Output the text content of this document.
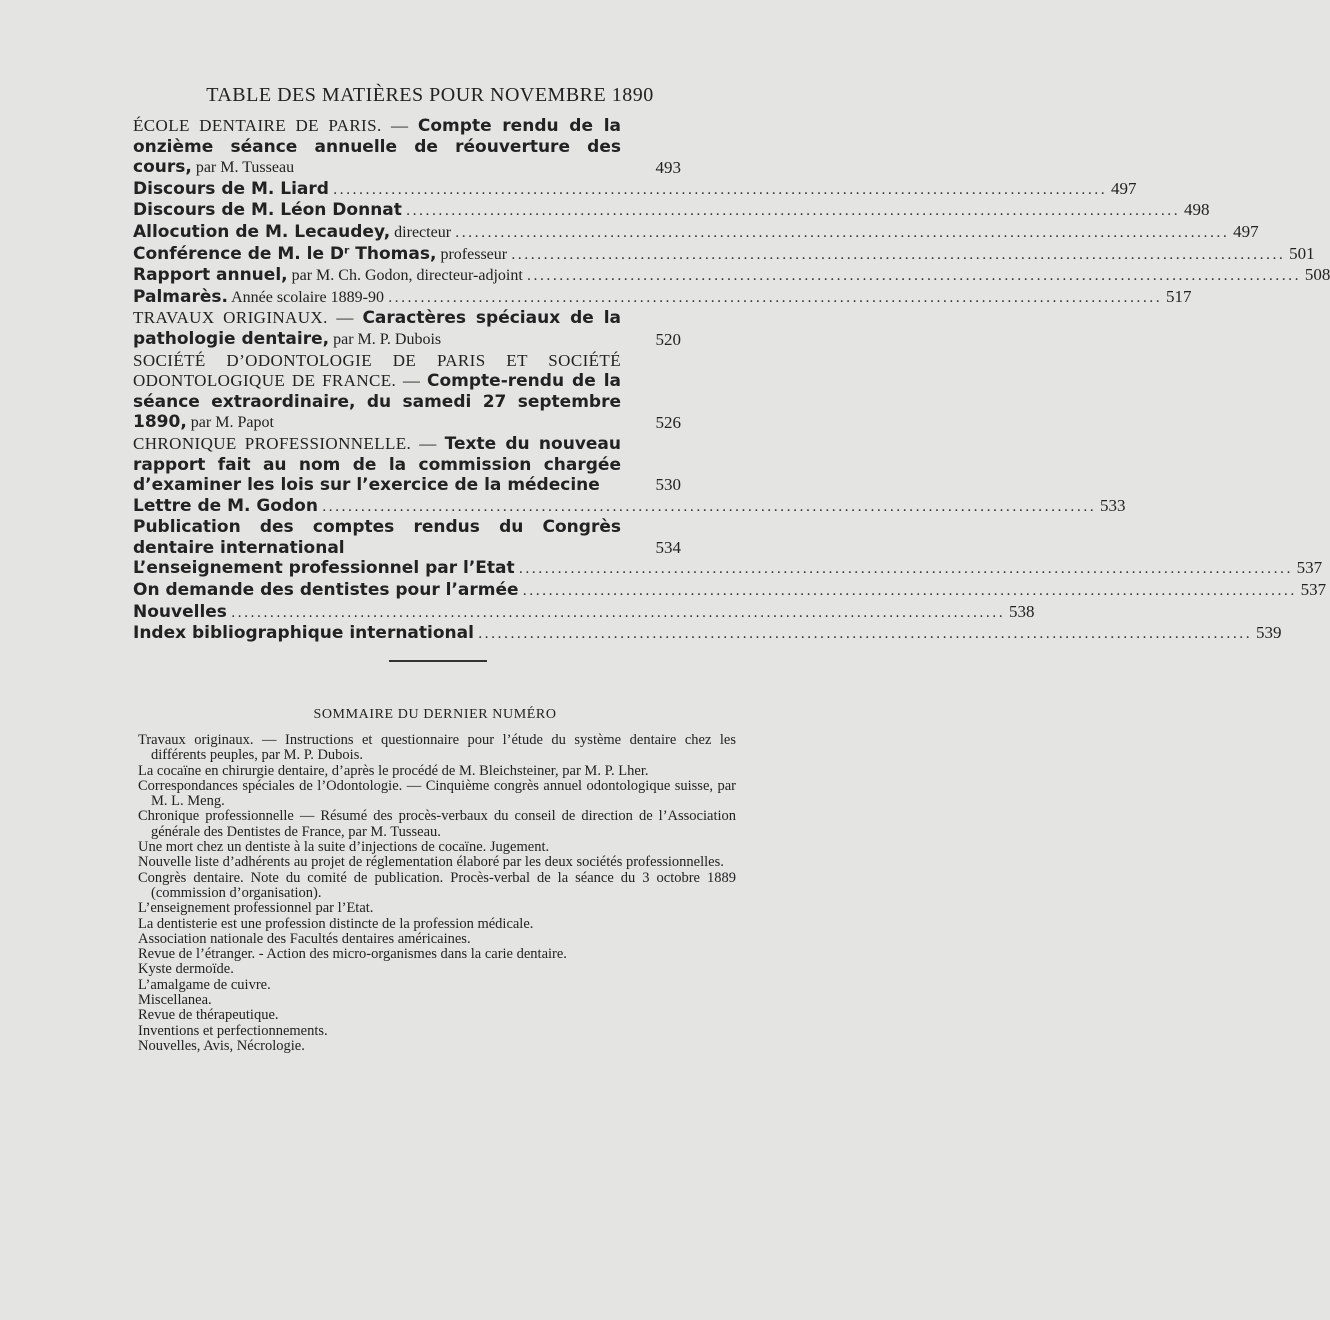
TABLE DES MATIÈRES POUR NOVEMBRE 1890
ÉCOLE DENTAIRE DE PARIS. — Compte rendu de la onzième séance annuelle de réouverture des cours, par M. Tusseau	493
Discours de M. Liard ........................................................................................................................ 497
Discours de M. Léon Donnat ........................................................................................................................ 498
Allocution de M. Lecaudey, directeur ........................................................................................................................ 497
Conférence de M. le Dʳ Thomas, professeur ........................................................................................................................ 501
Rapport annuel, par M. Ch. Godon, directeur-adjoint ........................................................................................................................ 508
Palmarès. Année scolaire 1889-90 ........................................................................................................................ 517
TRAVAUX ORIGINAUX. — Caractères spéciaux de la pathologie dentaire, par M. P. Dubois	520
SOCIÉTÉ D’ODONTOLOGIE DE PARIS ET SOCIÉTÉ ODONTOLOGIQUE DE FRANCE. — Compte-rendu de la séance extraordinaire, du samedi 27 septembre 1890, par M. Papot	526
CHRONIQUE PROFESSIONNELLE. — Texte du nouveau rapport fait au nom de la commission chargée d’examiner les lois sur l’exercice de la médecine	530
Lettre de M. Godon ........................................................................................................................ 533
Publication des comptes rendus du Congrès dentaire international	534
L’enseignement professionnel par l’Etat ........................................................................................................................ 537
On demande des dentistes pour l’armée ........................................................................................................................ 537
Nouvelles ........................................................................................................................ 538
Index bibliographique international ........................................................................................................................ 539
SOMMAIRE DU DERNIER NUMÉRO
Travaux originaux. — Instructions et questionnaire pour l’étude du système dentaire chez les différents peuples, par M. P. Dubois.
La cocaïne en chirurgie dentaire, d’après le procédé de M. Bleichsteiner, par M. P. Lher.
Correspondances spéciales de l’Odontologie. — Cinquième congrès annuel odontologique suisse, par M. L. Meng.
Chronique professionnelle — Résumé des procès-verbaux du conseil de direction de l’Association générale des Dentistes de France, par M. Tusseau.
Une mort chez un dentiste à la suite d’injections de cocaïne. Jugement.
Nouvelle liste d’adhérents au projet de réglementation élaboré par les deux sociétés professionnelles.
Congrès dentaire. Note du comité de publication. Procès-verbal de la séance du 3 octobre 1889 (commission d’organisation).
L’enseignement professionnel par l’Etat.
La dentisterie est une profession distincte de la profession médicale.
Association nationale des Facultés dentaires américaines.
Revue de l’étranger. - Action des micro-organismes dans la carie dentaire.
Kyste dermoïde.
L’amalgame de cuivre.
Miscellanea.
Revue de thérapeutique.
Inventions et perfectionnements.
Nouvelles, Avis, Nécrologie.
